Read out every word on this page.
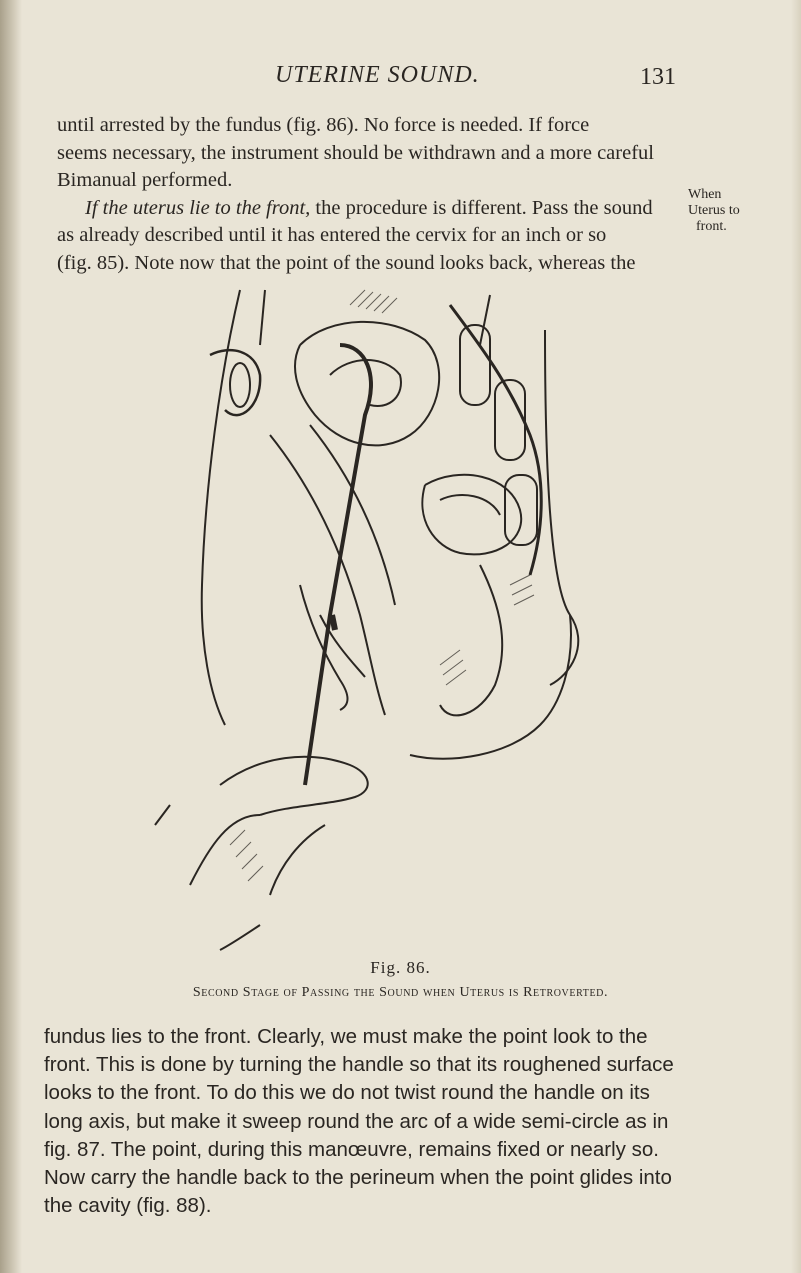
UTERINE SOUND.	131
until arrested by the fundus (fig. 86). No force is needed. If force
seems necessary, the instrument should be withdrawn and a more careful
Bimanual performed.
If the uterus lie to the front, the procedure is different. Pass the sound
as already described until it has entered the cervix for an inch or so
(fig. 85). Note now that the point of the sound looks back, whereas the
When
Uterus to
front.
Fig. 86.
Second Stage of Passing the Sound when Uterus is Retroverted.
fundus lies to the front. Clearly, we must make the point look to the
front. This is done by turning the handle so that its roughened surface
looks to the front. To do this we do not twist round the handle on its
long axis, but make it sweep round the arc of a wide semi-circle as in
fig. 87. The point, during this manœuvre, remains fixed or nearly so.
Now carry the handle back to the perineum when the point glides into
the cavity (fig. 88).
